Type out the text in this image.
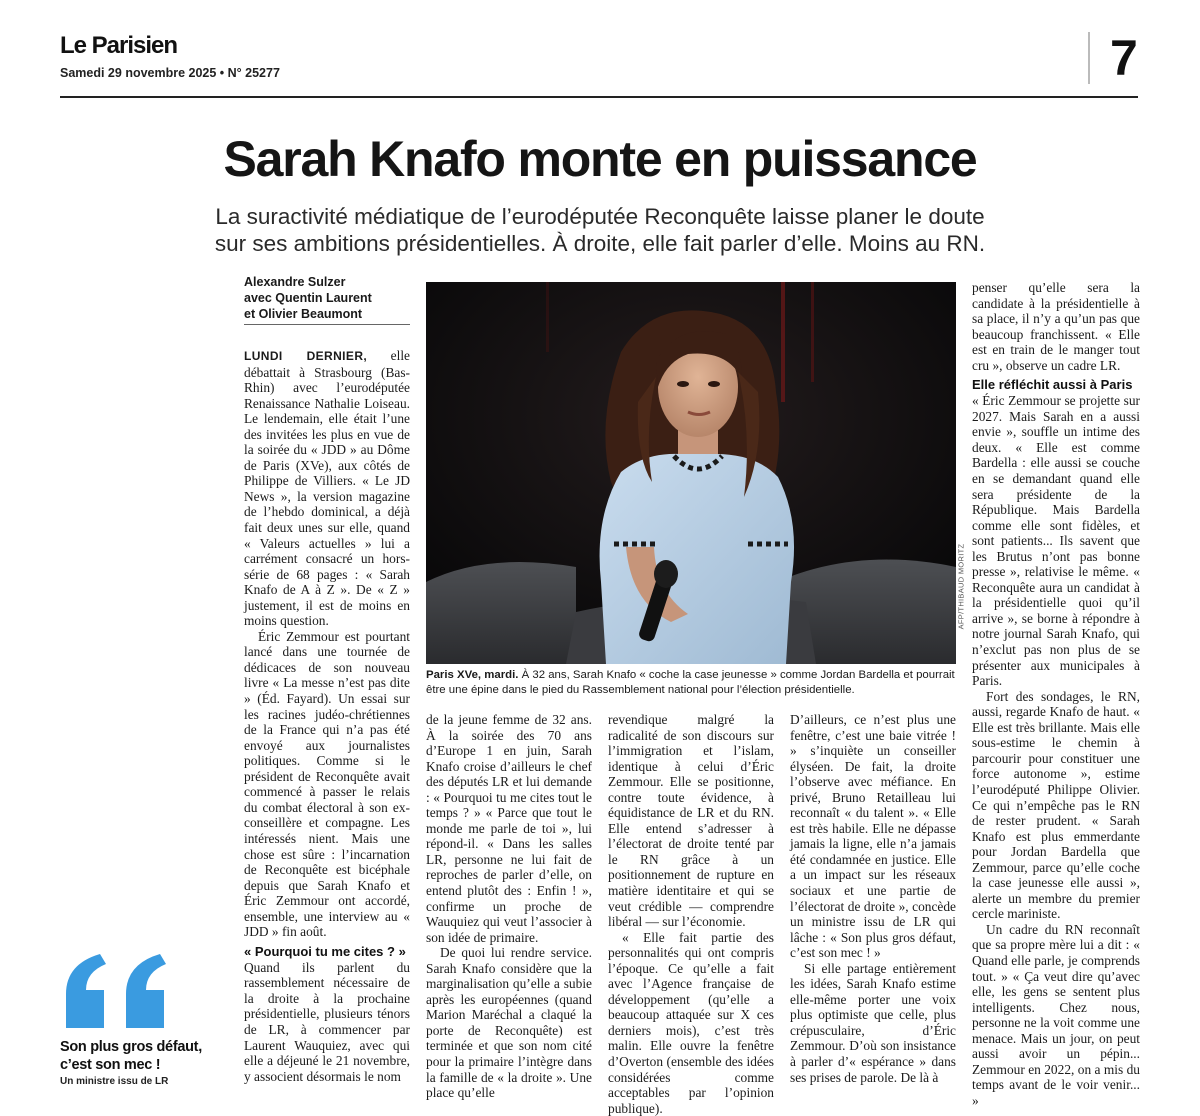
Le Parisien
Samedi 29 novembre 2025 • N° 25277	7
Sarah Knafo monte en puissance
La suractivité médiatique de l’eurodéputée Reconquête laisse planer le doute
sur ses ambitions présidentielles. À droite, elle fait parler d’elle. Moins au RN.
Alexandre Sulzer
avec Quentin Laurent
et Olivier Beaumont

LUNDI DERNIER, elle débattait à Strasbourg (Bas-Rhin) avec l’eurodéputée Renaissance Nathalie Loiseau. Le lendemain, elle était l’une des invitées les plus en vue de la soirée du « JDD » au Dôme de Paris (XVe), aux côtés de Philippe de Villiers. « Le JD News », la version magazine de l’hebdo dominical, a déjà fait deux unes sur elle, quand « Valeurs actuelles » lui a carrément consacré un hors-série de 68 pages : « Sarah Knafo de A à Z ». De « Z » justement, il est de moins en moins question.

Éric Zemmour est pourtant lancé dans une tournée de dédicaces de son nouveau livre « La messe n’est pas dite » (Éd. Fayard). Un essai sur les racines judéo-chrétiennes de la France qui n’a pas été envoyé aux journalistes politiques. Comme si le président de Reconquête avait commencé à passer le relais du combat électoral à son ex-conseillère et compagne. Les intéressés nient. Mais une chose est sûre : l’incarnation de Reconquête est bicéphale depuis que Sarah Knafo et Éric Zemmour ont accordé, ensemble, une interview au « JDD » fin août.

« Pourquoi tu me cites ? »

Quand ils parlent du rassemblement nécessaire de la droite à la prochaine présidentielle, plusieurs ténors de LR, à commencer par Laurent Wauquiez, avec qui elle a déjeuné le 21 novembre, y associent désormais le nom

AFP/THIBAUD MORITZ
Paris XVe, mardi. À 32 ans, Sarah Knafo « coche la case jeunesse » comme Jordan Bardella et pourrait être une épine dans le pied du Rassemblement national pour l’élection présidentielle.

de la jeune femme de 32 ans. À la soirée des 70 ans d’Europe 1 en juin, Sarah Knafo croise d’ailleurs le chef des députés LR et lui demande : « Pourquoi tu me cites tout le temps ? » « Parce que tout le monde me parle de toi », lui répond-il. « Dans les salles LR, personne ne lui fait de reproches de parler d’elle, on entend plutôt des : Enfin ! », confirme un proche de Wauquiez qui veut l’associer à son idée de primaire.

De quoi lui rendre service. Sarah Knafo considère que la marginalisation qu’elle a subie après les européennes (quand Marion Maréchal a claqué la porte de Reconquête) est terminée et que son nom cité pour la primaire l’intègre dans la famille de « la droite ». Une place qu’elle

revendique malgré la radicalité de son discours sur l’immigration et l’islam, identique à celui d’Éric Zemmour. Elle se positionne, contre toute évidence, à équidistance de LR et du RN. Elle entend s’adresser à l’électorat de droite tenté par le RN grâce à un positionnement de rupture en matière identitaire et qui se veut crédible — comprendre libéral — sur l’économie.

« Elle fait partie des personnalités qui ont compris l’époque. Ce qu’elle a fait avec l’Agence française de développement (qu’elle a beaucoup attaquée sur X ces derniers mois), c’est très malin. Elle ouvre la fenêtre d’Overton (ensemble des idées considérées comme acceptables par l’opinion publique).

D’ailleurs, ce n’est plus une fenêtre, c’est une baie vitrée ! » s’inquiète un conseiller élyséen. De fait, la droite l’observe avec méfiance. En privé, Bruno Retailleau lui reconnaît « du talent ». « Elle est très habile. Elle ne dépasse jamais la ligne, elle n’a jamais été condamnée en justice. Elle a un impact sur les réseaux sociaux et une partie de l’électorat de droite », concède un ministre issu de LR qui lâche : « Son plus gros défaut, c’est son mec ! »

Si elle partage entièrement les idées, Sarah Knafo estime elle-même porter une voix plus optimiste que celle, plus crépusculaire, d’Éric Zemmour. D’où son insistance à parler d’« espérance » dans ses prises de parole. De là à

penser qu’elle sera la candidate à la présidentielle à sa place, il n’y a qu’un pas que beaucoup franchissent. « Elle est en train de le manger tout cru », observe un cadre LR.

Elle réfléchit aussi à Paris

« Éric Zemmour se projette sur 2027. Mais Sarah en a aussi envie », souffle un intime des deux. « Elle est comme Bardella : elle aussi se couche en se demandant quand elle sera présidente de la République. Mais Bardella comme elle sont fidèles, et sont patients... Ils savent que les Brutus n’ont pas bonne presse », relativise le même. « Reconquête aura un candidat à la présidentielle quoi qu’il arrive », se borne à répondre à notre journal Sarah Knafo, qui n’exclut pas non plus de se présenter aux municipales à Paris.

Fort des sondages, le RN, aussi, regarde Knafo de haut. « Elle est très brillante. Mais elle sous-estime le chemin à parcourir pour constituer une force autonome », estime l’eurodéputé Philippe Olivier. Ce qui n’empêche pas le RN de rester prudent. « Sarah Knafo est plus emmerdante pour Jordan Bardella que Zemmour, parce qu’elle coche la case jeunesse elle aussi », alerte un membre du premier cercle mariniste.

Un cadre du RN reconnaît que sa propre mère lui a dit : « Quand elle parle, je comprends tout. » « Ça veut dire qu’avec elle, les gens se sentent plus intelligents. Chez nous, personne ne la voit comme une menace. Mais un jour, on peut aussi avoir un pépin... Zemmour en 2022, on a mis du temps avant de le voir venir... »

Son plus gros défaut, c’est son mec !
Un ministre issu de LR
